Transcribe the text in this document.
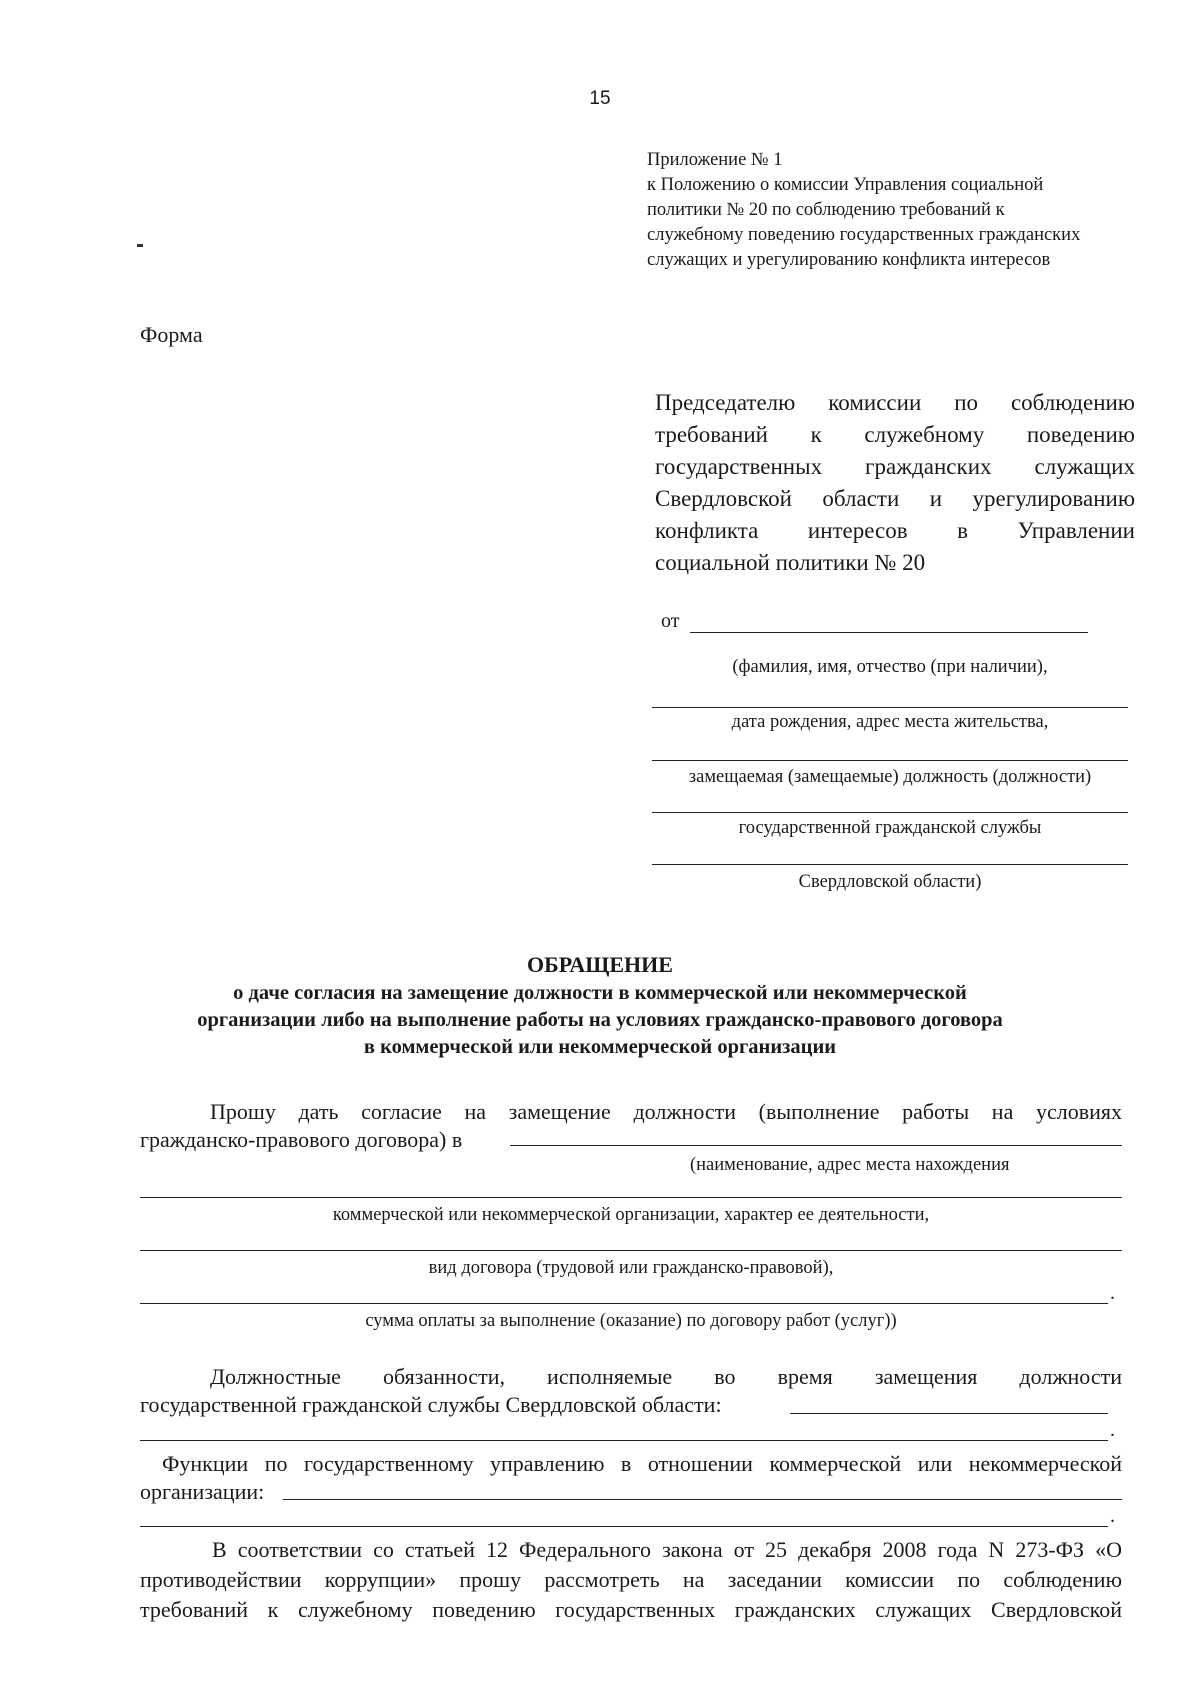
15
Приложение № 1
к Положению о комиссии Управления социальной
политики № 20 по соблюдению требований к
служебному поведению государственных гражданских
служащих и урегулированию конфликта интересов
Форма
Председателю комиссии по соблюдению
требований к служебному поведению
государственных гражданских служащих
Свердловской области и урегулированию
конфликта интересов в Управлении
социальной политики № 20
от
(фамилия, имя, отчество (при наличии),
дата рождения, адрес места жительства,
замещаемая (замещаемые) должность (должности)
государственной гражданской службы
Свердловской области)
ОБРАЩЕНИЕ
о даче согласия на замещение должности в коммерческой или некоммерческой
организации либо на выполнение работы на условиях гражданско-правового договора
в коммерческой или некоммерческой организации
Прошу дать согласие на замещение должности (выполнение работы на условиях
гражданско-правового договора) в
(наименование, адрес места нахождения
коммерческой или некоммерческой организации, характер ее деятельности,
вид договора (трудовой или гражданско-правовой),
.
сумма оплаты за выполнение (оказание) по договору работ (услуг))
Должностные обязанности, исполняемые во время замещения должности
государственной гражданской службы Свердловской области:
.
Функции по государственному управлению в отношении коммерческой или некоммерческой
организации:
.
В соответствии со статьей 12 Федерального закона от 25 декабря 2008 года N 273-ФЗ «О
противодействии коррупции» прошу рассмотреть на заседании комиссии по соблюдению
требований к служебному поведению государственных гражданских служащих Свердловской
